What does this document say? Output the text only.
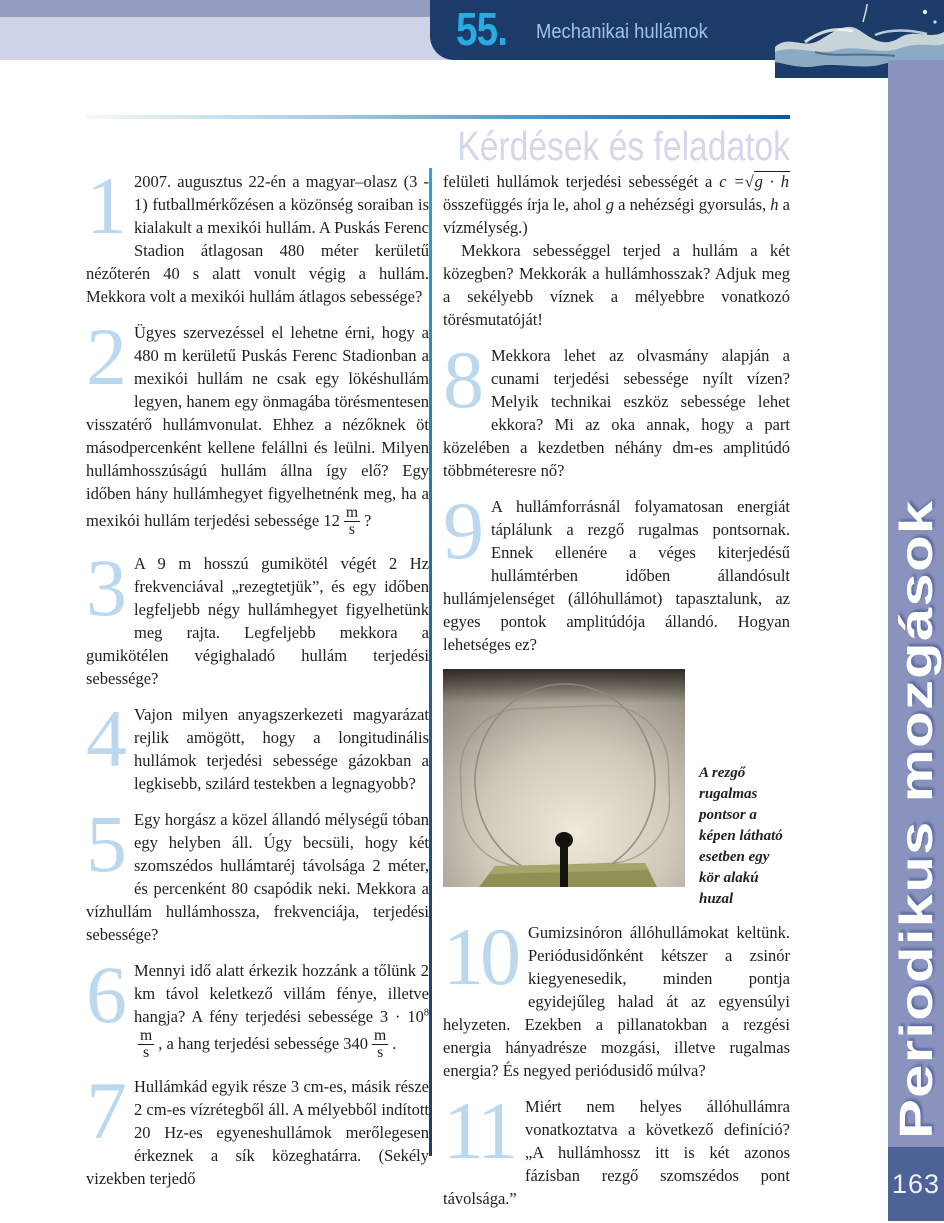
55. Mechanikai hullámok
Kérdések és feladatok
1 2007. augusztus 22-én a magyar–olasz (3 - 1) futballmérkőzésen a közönség soraiban is kialakult a mexikói hullám. A Puskás Ferenc Stadion átlagosan 480 méter kerületű nézőterén 40 s alatt vonult végig a hullám. Mekkora volt a mexikói hullám átlagos sebessége?
2 Ügyes szervezéssel el lehetne érni, hogy a 480 m kerületű Puskás Ferenc Stadionban a mexikói hullám ne csak egy lökéshullám legyen, hanem egy önmagába törésmentesen visszatérő hullámvonulat. Ehhez a nézőknek öt másodpercenként kellene felállni és leülni. Milyen hullámhosszúságú hullám állna így elő? Egy időben hány hullámhegyet figyelhetnénk meg, ha a mexikói hullám terjedési sebessége $12 \frac{m}{s}$ ?
3 A 9 m hosszú gumikötél végét 2 Hz frekvenciával „rezegtetjük”, és egy időben legfeljebb négy hullámhegyet figyelhetünk meg rajta. Legfeljebb mekkora a gumikötélen végighaladó hullám terjedési sebessége?
4 Vajon milyen anyagszerkezeti magyarázat rejlik amögött, hogy a longitudinális hullámok terjedési sebessége gázokban a legkisebb, szilárd testekben a legnagyobb?
5 Egy horgász a közel állandó mélységű tóban egy helyben áll. Úgy becsüli, hogy két szomszédos hullámtaréj távolsága 2 méter, és percenként 80 csapódik neki. Mekkora a vízhullám hullámhossza, frekvenciája, terjedési sebessége?
6 Mennyi idő alatt érkezik hozzánk a tőlünk 2 km távol keletkező villám fénye, illetve hangja? A fény terjedési sebessége $3 \cdot 10^8$
$\frac{m}{s}$ , a hang terjedési sebessége $340 \frac{m}{s}$ .
7 Hullámkád egyik része 3 cm-es, másik része 2 cm-es vízrétegből áll. A mélyebből indított 20 Hz-es egyeneshullámok merőlegesen érkeznek a sík közeghatárra. (Sekély vizekben terjedő

felületi hullámok terjedési sebességét a c =√g · h összefüggés írja le, ahol g a nehézségi gyorsulás, h a vízmélység.)

Mekkora sebességgel terjed a hullám a két közegben? Mekkorák a hullámhosszak? Adjuk meg a sekélyebb víznek a mélyebbre vonatkozó törésmutatóját!

8 Mekkora lehet az olvasmány alapján a cunami terjedési sebessége nyílt vízen? Melyik technikai eszköz sebessége lehet ekkora? Mi az oka annak, hogy a part közelében a kezdetben néhány dm-es amplitúdó többméteresre nő?
9 A hullámforrásnál folyamatosan energiát táplálunk a rezgő rugalmas pontsornak. Ennek ellenére a véges kiterjedésű hullámtérben időben állandósult hullámjelenséget (állóhullámot) tapasztalunk, az egyes pontok amplitúdója állandó. Hogyan lehetséges ez?
A rezgő rugalmas pontsor a képen látható esetben egy kör alakú huzal
10 Gumizsinóron állóhullámokat keltünk. Periódusidőnként kétszer a zsinór kiegyenesedik, minden pontja egyidejűleg halad át az egyensúlyi helyzeten. Ezekben a pillanatokban a rezgési energia hányadrésze mozgási, illetve rugalmas energia? És negyed periódusidő múlva?
11 Miért nem helyes állóhullámra vonatkoztatva a következő definíció? „A hullámhossz itt is két azonos fázisban rezgő szomszédos pont távolsága.”
Periodikus mozgások
163
